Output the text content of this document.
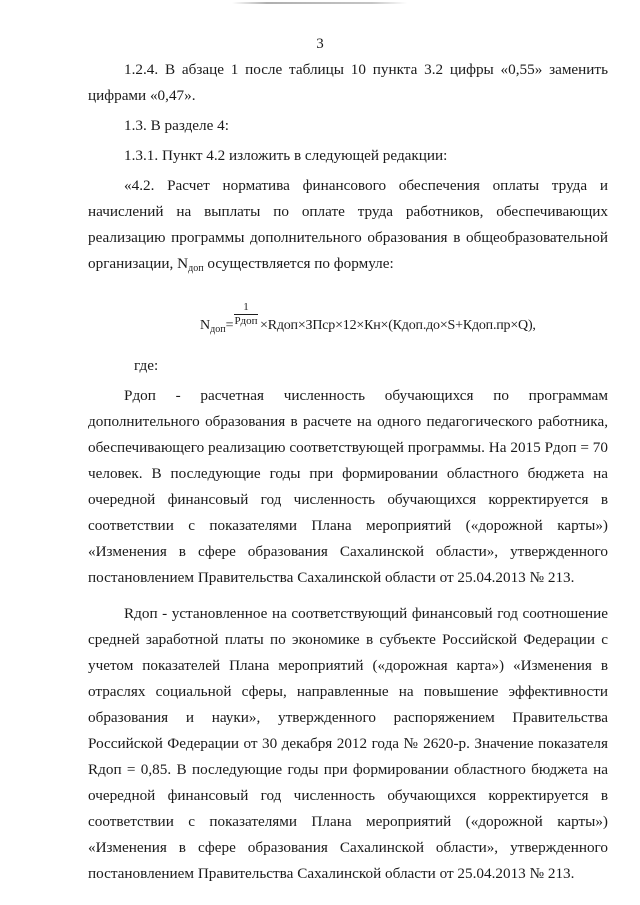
3

1.2.4. В абзаце 1 после таблицы 10 пункта 3.2 цифры «0,55» заменить цифрами «0,47».

1.3. В разделе 4:

1.3.1. Пункт 4.2 изложить в следующей редакции:

«4.2. Расчет норматива финансового обеспечения оплаты труда и начислений на выплаты по оплате труда работников, обеспечивающих реализацию программы дополнительного образования в общеобразовательной организации, $N_{доп}$ осуществляется по формуле:

$N_{доп}=$
1
Pдоп ×Rдоп×ЗПср×12×Кн×(Кдоп.до×S+Кдоп.пр×Q),

где:

Pдоп - расчетная численность обучающихся по программам дополнительного образования в расчете на одного педагогического работника, обеспечивающего реализацию соответствующей программы. На 2015 Pдоп = 70 человек. В последующие годы при формировании областного бюджета на очередной финансовый год численность обучающихся корректируется в соответствии с показателями Плана мероприятий («дорожной карты») «Изменения в сфере образования Сахалинской области», утвержденного постановлением Правительства Сахалинской области от 25.04.2013 № 213.

Rдоп - установленное на соответствующий финансовый год соотношение средней заработной платы по экономике в субъекте Российской Федерации с учетом показателей Плана мероприятий («дорожная карта») «Изменения в отраслях социальной сферы, направленные на повышение эффективности образования и науки», утвержденного распоряжением Правительства Российской Федерации от 30 декабря 2012 года № 2620-р. Значение показателя Rдоп = 0,85. В последующие годы при формировании областного бюджета на очередной финансовый год численность обучающихся корректируется в соответствии с показателями Плана мероприятий («дорожной карты») «Изменения в сфере образования Сахалинской области», утвержденного постановлением Правительства Сахалинской области от 25.04.2013 № 213.
